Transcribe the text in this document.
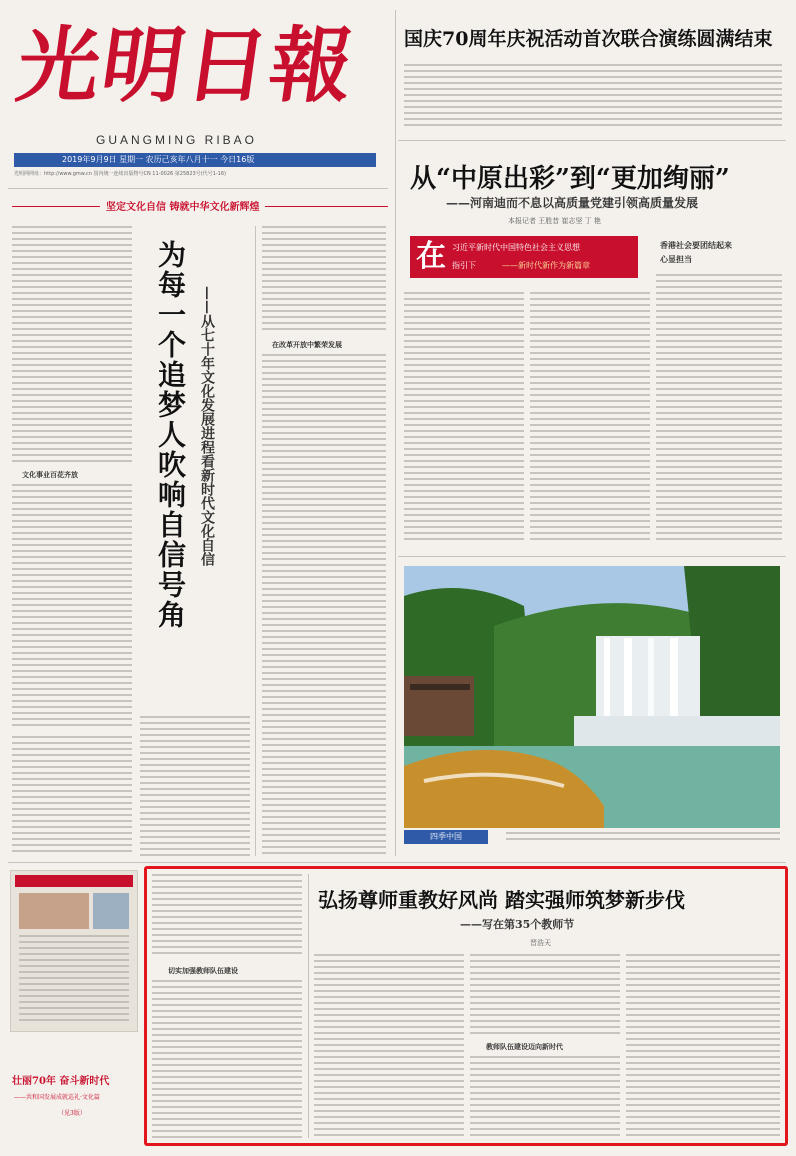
光明日報
GUANGMING RIBAO
2019年9月9日 星期一 农历己亥年八月十一 今日16版
光明网网址：http://www.gmw.cn 国内统一连续出版物号CN 11-0026 第25823号(代号1-16)
国庆70周年庆祝活动首次联合演练圆满结束
从“中原出彩”到“更加绚丽”
——河南迪而不息以高质量党建引领高质量发展
本报记者 王胜昔 崔志坚 丁 艳
在 习近平新时代中国特色社会主义思想
指引下	——新时代新作为新篇章
香港社会要团结起来
心显担当
四季中国
坚定文化自信 铸就中华文化新辉煌
文化事业百花齐放	为每一个追梦人吹响自信号角 ——从七十年文化发展进程看新时代文化自信	在改革开放中繁荣发展
壮丽70年 奋斗新时代
——共和国发展成就巡礼·文化篇
（见3版）
切实加强教师队伍建设
弘扬尊师重教好风尚 踏实强师筑梦新步伐
——写在第35个教师节
晋浩天
教师队伍建设迈向新时代
